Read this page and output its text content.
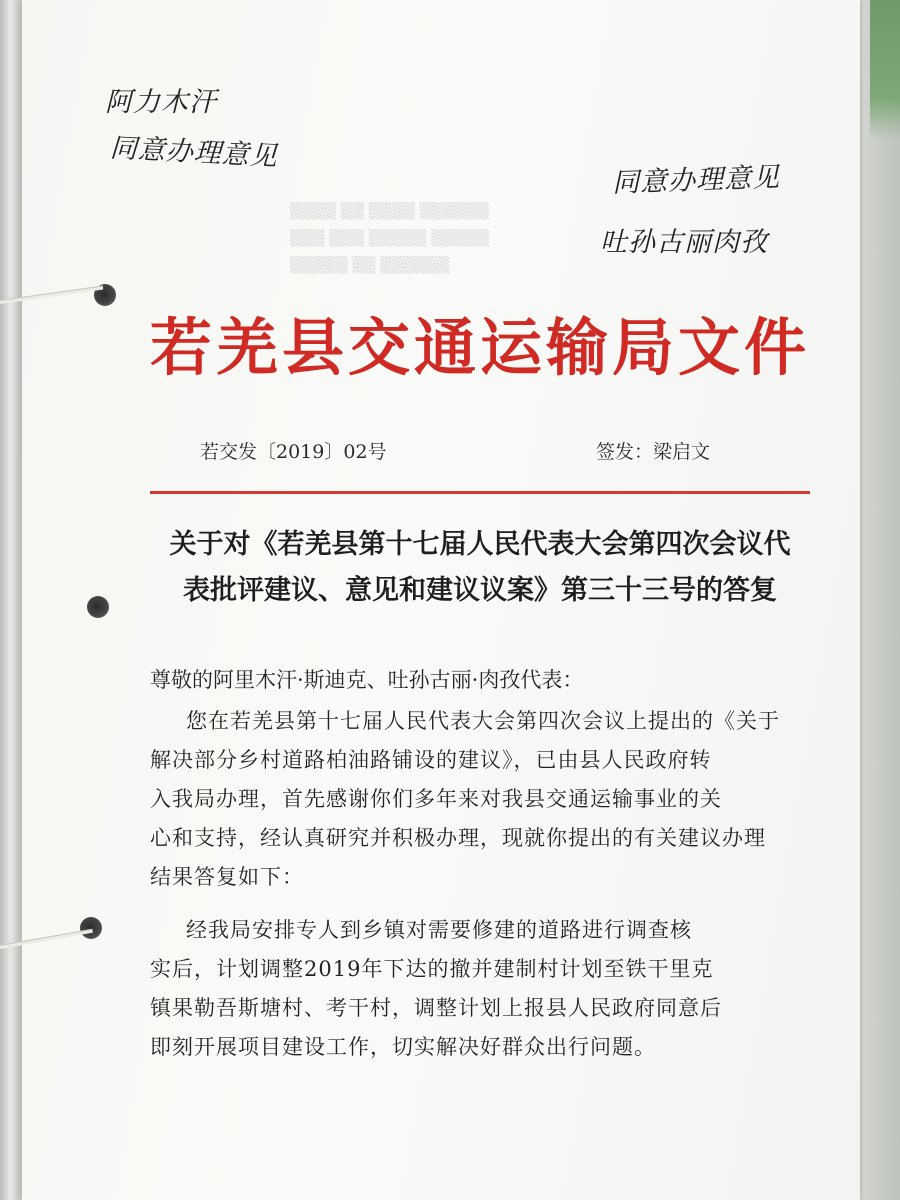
阿力木汗
同意办理意见
同意办理意见
吐孙古丽肉孜
▒▒▒▒ ▒▒ ▒▒▒▒ ▒▒▒▒▒▒
▒▒▒ ▒▒▒ ▒▒▒▒▒ ▒▒▒▒▒
▒▒▒▒▒ ▒▒ ▒▒▒▒▒▒
若羌县交通运输局文件
若交发〔2019〕02号	签发：梁启文
关于对《若羌县第十七届人民代表大会第四次会议代
表批评建议、意见和建议议案》第三十三号的答复
尊敬的阿里木汗·斯迪克、吐孙古丽·肉孜代表：

您在若羌县第十七届人民代表大会第四次会议上提出的《关于
解决部分乡村道路柏油路铺设的建议》，已由县人民政府转
入我局办理，首先感谢你们多年来对我县交通运输事业的关
心和支持，经认真研究并积极办理，现就你提出的有关建议办理
结果答复如下：

经我局安排专人到乡镇对需要修建的道路进行调查核
实后，计划调整2019年下达的撤并建制村计划至铁干里克
镇果勒吾斯塘村、考干村，调整计划上报县人民政府同意后
即刻开展项目建设工作，切实解决好群众出行问题。
